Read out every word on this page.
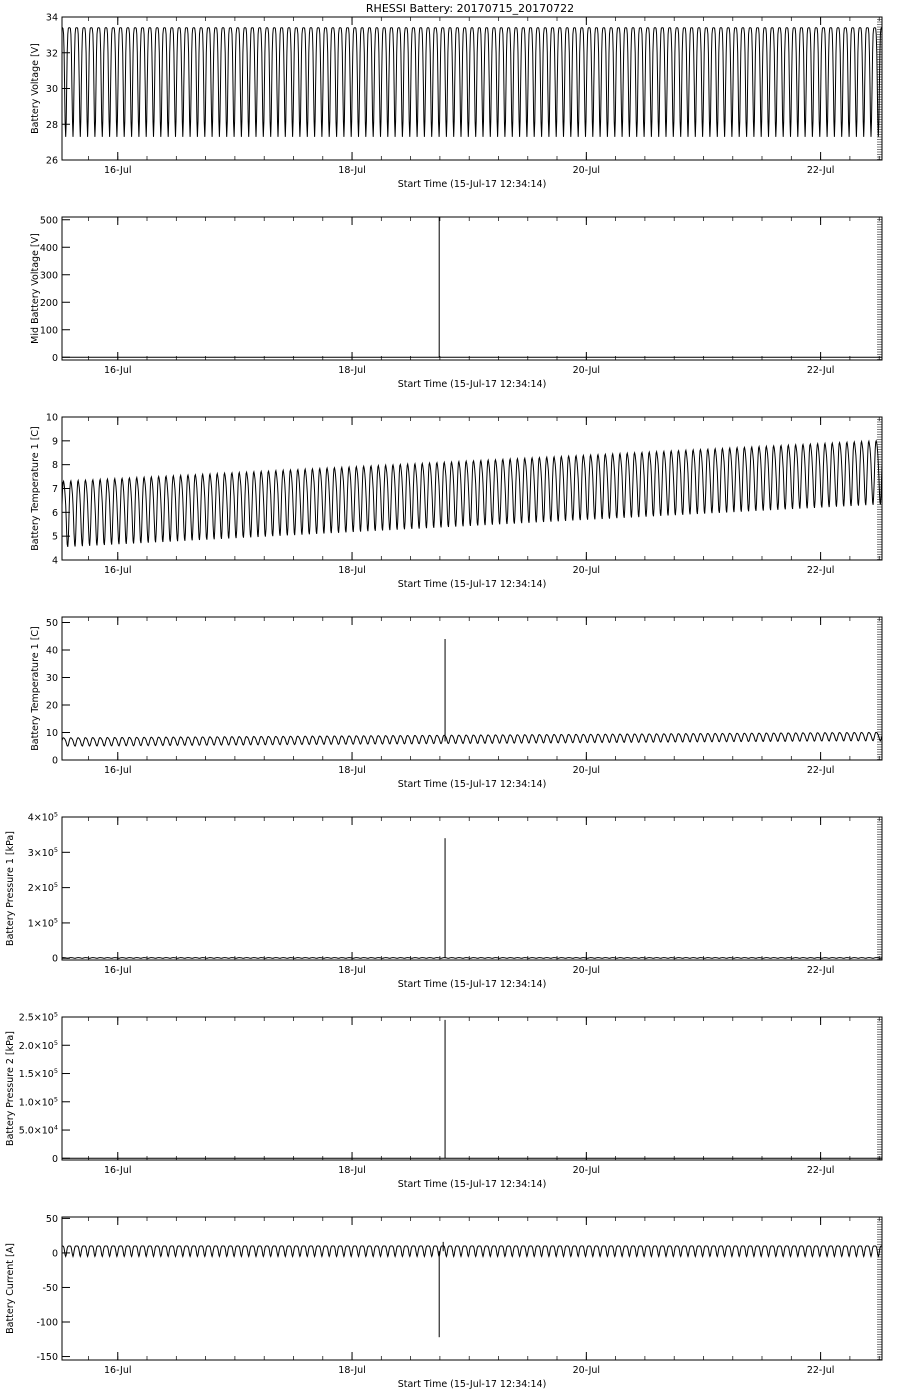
RHESSI Battery: 20170715_20170722
16-Jul	18-Jul	20-Jul	22-Jul
Start Time (15-Jul-17 12:34:14)
26
28
30
32
34
Battery Voltage [V]
16-Jul	18-Jul	20-Jul	22-Jul
Start Time (15-Jul-17 12:34:14)
0
100
200
300
400
500
Mid Battery Voltage [V]
16-Jul	18-Jul	20-Jul	22-Jul
Start Time (15-Jul-17 12:34:14)
4
5
6
7
8
9
10
Battery Temperature 1 [C]
16-Jul	18-Jul	20-Jul	22-Jul
Start Time (15-Jul-17 12:34:14)
0
10
20
30
40
50
Battery Temperature 1 [C]
16-Jul	18-Jul	20-Jul	22-Jul
Start Time (15-Jul-17 12:34:14)
0
$1\times 10^5$
$2\times 10^5$
$3\times 10^5$
$4\times 10^5$
Battery Pressure 1 [kPa]
16-Jul	18-Jul	20-Jul	22-Jul
Start Time (15-Jul-17 12:34:14)
0
$5.0\times 10^4$
$1.0\times 10^5$
$1.5\times 10^5$
$2.0\times 10^5$
$2.5\times 10^5$
Battery Pressure 2 [kPa]
16-Jul	18-Jul	20-Jul	22-Jul
Start Time (15-Jul-17 12:34:14)
-150
-100
-50
0
50
Battery Current [A]
